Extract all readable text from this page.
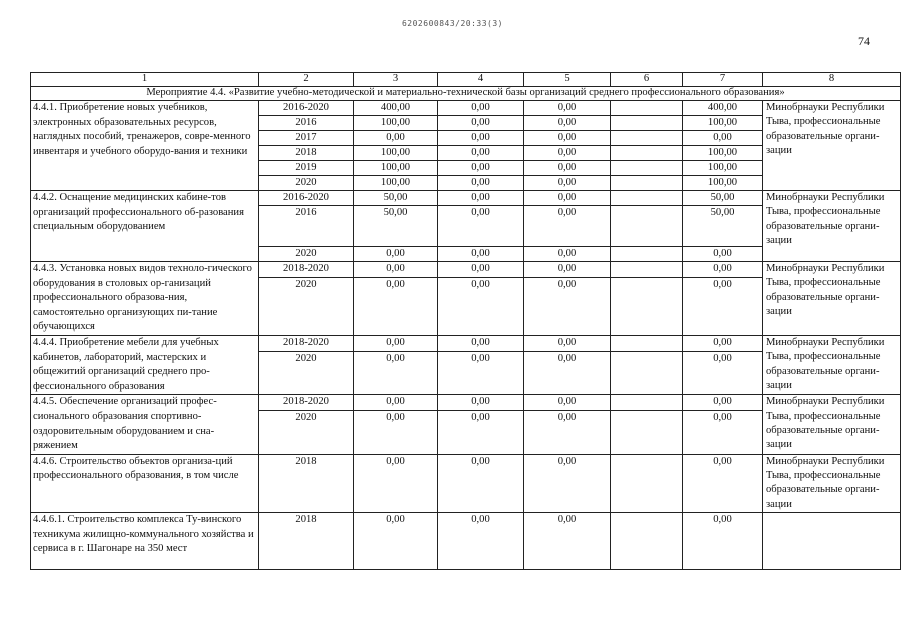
6202600843/20:33(3)
74
1	2	3	4	5	6	7	8
Мероприятие 4.4. «Развитие учебно-методической и материально-технической базы организаций среднего профессионального образования»							
4.4.1. Приобретение новых учебников, электронных образовательных ресурсов, наглядных пособий, тренажеров, совре-менного инвентаря и учебного оборудо-вания и техники	2016-2020	400,00	0,00	0,00		400,00	Минобрнауки Республики Тыва, профессиональные образовательные органи-зации
	2016	100,00	0,00	0,00		100,00	
	2017	0,00	0,00	0,00		0,00	
	2018	100,00	0,00	0,00		100,00	
	2019	100,00	0,00	0,00		100,00	
	2020	100,00	0,00	0,00		100,00	
4.4.2. Оснащение медицинских кабине-тов организаций профессионального об-разования специальным оборудованием	2016-2020	50,00	0,00	0,00		50,00	Минобрнауки Республики Тыва, профессиональные образовательные органи-зации
	2016	50,00	0,00	0,00		50,00	
	2020	0,00	0,00	0,00		0,00	
4.4.3. Установка новых видов техноло-гического оборудования в столовых ор-ганизаций профессионального образова-ния, самостоятельно организующих пи-тание обучающихся	2018-2020	0,00	0,00	0,00		0,00	Минобрнауки Республики Тыва, профессиональные образовательные органи-зации
	2020	0,00	0,00	0,00		0,00	
4.4.4. Приобретение мебели для учебных кабинетов, лабораторий, мастерских и общежитий организаций среднего про-фессионального образования	2018-2020	0,00	0,00	0,00		0,00	Минобрнауки Республики Тыва, профессиональные образовательные органи-зации
	2020	0,00	0,00	0,00		0,00	
4.4.5. Обеспечение организаций профес-сионального образования спортивно-оздоровительным оборудованием и сна-ряжением	2018-2020	0,00	0,00	0,00		0,00	Минобрнауки Республики Тыва, профессиональные образовательные органи-зации
	2020	0,00	0,00	0,00		0,00	
4.4.6. Строительство объектов организа-ций профессионального образования, в том числе	2018	0,00	0,00	0,00		0,00	Минобрнауки Республики Тыва, профессиональные образовательные органи-зации
4.4.6.1. Строительство комплекса Ту-винского техникума жилищно-коммунального хозяйства и сервиса в г. Шагонаре на 350 мест	2018	0,00	0,00	0,00		0,00	
